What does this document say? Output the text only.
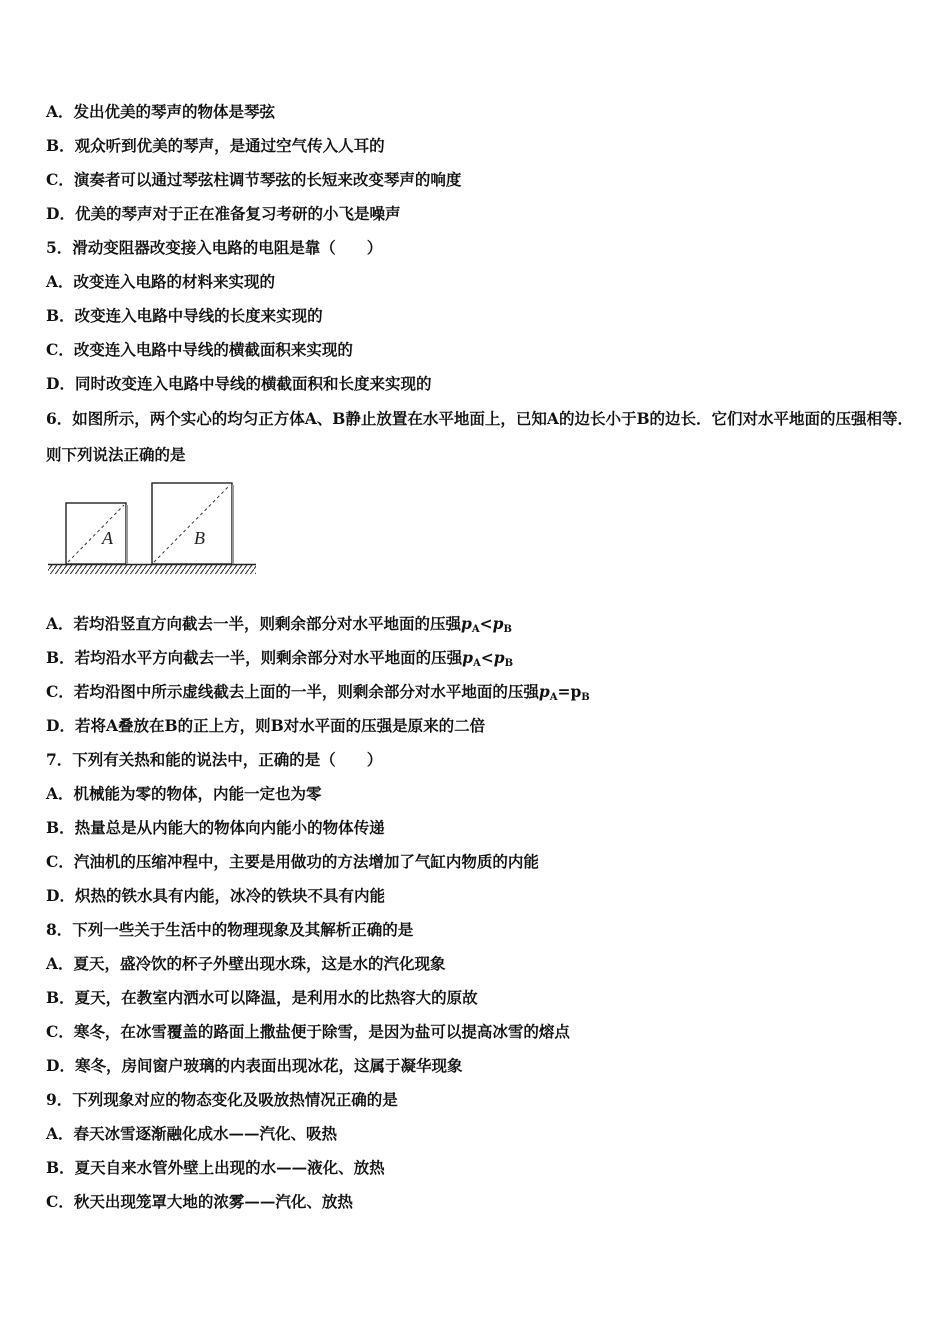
A．发出优美的琴声的物体是琴弦
B．观众听到优美的琴声，是通过空气传入人耳的
C．演奏者可以通过琴弦柱调节琴弦的长短来改变琴声的响度
D．优美的琴声对于正在准备复习考研的小飞是噪声
5．滑动变阻器改变接入电路的电阻是靠（　　）
A．改变连入电路的材料来实现的
B．改变连入电路中导线的长度来实现的
C．改变连入电路中导线的横截面积来实现的
D．同时改变连入电路中导线的横截面积和长度来实现的
6．如图所示，两个实心的均匀正方体A、B静止放置在水平地面上，已知A的边长小于B的边长．它们对水平地面的压强相等．则下列说法正确的是
A	B
A．若均沿竖直方向截去一半，则剩余部分对水平地面的压强$p_A<p_B$
B．若均沿水平方向截去一半，则剩余部分对水平地面的压强$p_A<p_B$
C．若均沿图中所示虚线截去上面的一半，则剩余部分对水平地面的压强$p_A=p_B$
D．若将A叠放在B的正上方，则B对水平面的压强是原来的二倍
7．下列有关热和能的说法中，正确的是（　　）
A．机械能为零的物体，内能一定也为零
B．热量总是从内能大的物体向内能小的物体传递
C．汽油机的压缩冲程中，主要是用做功的方法增加了气缸内物质的内能
D．炽热的铁水具有内能，冰冷的铁块不具有内能
8．下列一些关于生活中的物理现象及其解析正确的是
A．夏天，盛冷饮的杯子外壁出现水珠，这是水的汽化现象
B．夏天，在教室内洒水可以降温，是利用水的比热容大的原故
C．寒冬，在冰雪覆盖的路面上撒盐便于除雪，是因为盐可以提高冰雪的熔点
D．寒冬，房间窗户玻璃的内表面出现冰花，这属于凝华现象
9．下列现象对应的物态变化及吸放热情况正确的是
A．春天冰雪逐渐融化成水——汽化、吸热
B．夏天自来水管外壁上出现的水——液化、放热
C．秋天出现笼罩大地的浓雾——汽化、放热
